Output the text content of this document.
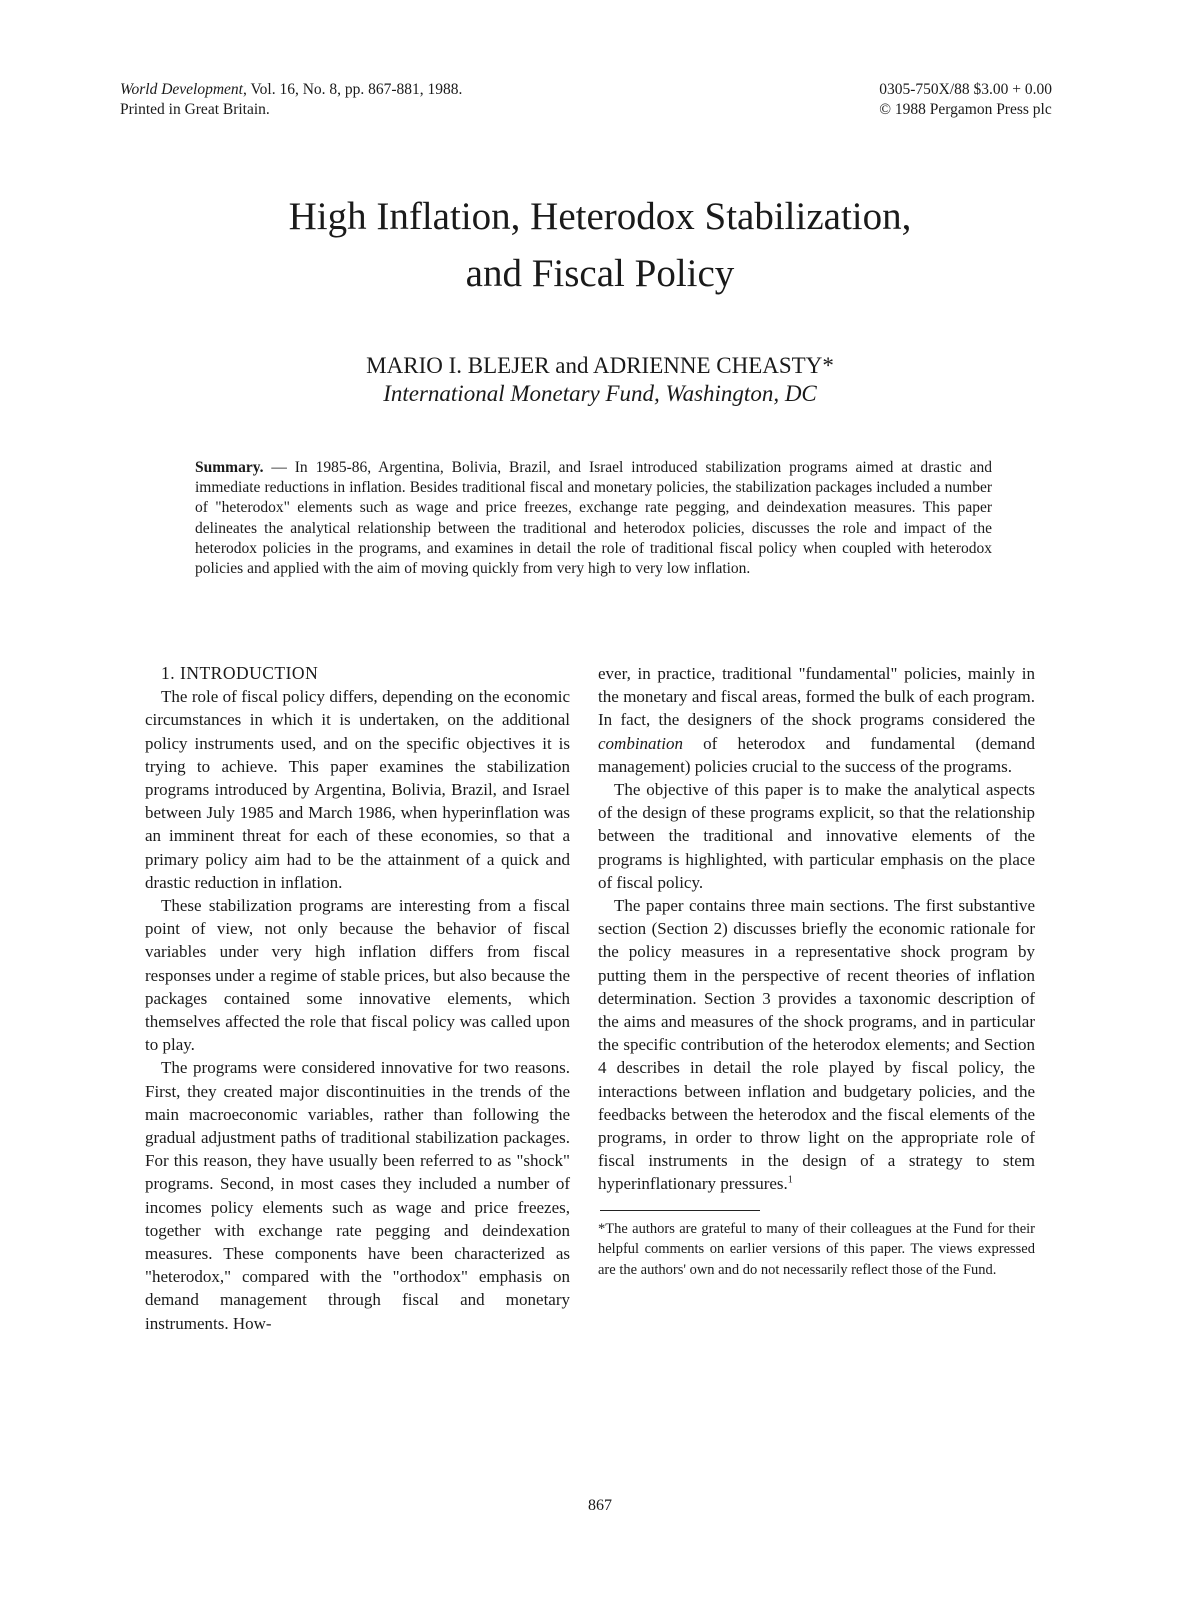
World Development, Vol. 16, No. 8, pp. 867-881, 1988.
Printed in Great Britain.
0305-750X/88 $3.00 + 0.00
© 1988 Pergamon Press plc
High Inflation, Heterodox Stabilization,
and Fiscal Policy
MARIO I. BLEJER and ADRIENNE CHEASTY*
International Monetary Fund, Washington, DC

Summary. — In 1985-86, Argentina, Bolivia, Brazil, and Israel introduced stabilization programs aimed at drastic and immediate reductions in inflation. Besides traditional fiscal and monetary policies, the stabilization packages included a number of "heterodox" elements such as wage and price freezes, exchange rate pegging, and deindexation measures. This paper delineates the analytical relationship between the traditional and heterodox policies, discusses the role and impact of the heterodox policies in the programs, and examines in detail the role of traditional fiscal policy when coupled with heterodox policies and applied with the aim of moving quickly from very high to very low inflation.

1. INTRODUCTION

The role of fiscal policy differs, depending on the economic circumstances in which it is undertaken, on the additional policy instruments used, and on the specific objectives it is trying to achieve. This paper examines the stabilization programs introduced by Argentina, Bolivia, Brazil, and Israel between July 1985 and March 1986, when hyperinflation was an imminent threat for each of these economies, so that a primary policy aim had to be the attainment of a quick and drastic reduction in inflation.

These stabilization programs are interesting from a fiscal point of view, not only because the behavior of fiscal variables under very high inflation differs from fiscal responses under a regime of stable prices, but also because the packages contained some innovative elements, which themselves affected the role that fiscal policy was called upon to play.

The programs were considered innovative for two reasons. First, they created major discontinuities in the trends of the main macroeconomic variables, rather than following the gradual adjustment paths of traditional stabilization packages. For this reason, they have usually been referred to as "shock" programs. Second, in most cases they included a number of incomes policy elements such as wage and price freezes, together with exchange rate pegging and deindexation measures. These components have been characterized as "heterodox," compared with the "orthodox" emphasis on demand management through fiscal and monetary instruments. How-

ever, in practice, traditional "fundamental" policies, mainly in the monetary and fiscal areas, formed the bulk of each program. In fact, the designers of the shock programs considered the combination of heterodox and fundamental (demand management) policies crucial to the success of the programs.

The objective of this paper is to make the analytical aspects of the design of these programs explicit, so that the relationship between the traditional and innovative elements of the programs is highlighted, with particular emphasis on the place of fiscal policy.

The paper contains three main sections. The first substantive section (Section 2) discusses briefly the economic rationale for the policy measures in a representative shock program by putting them in the perspective of recent theories of inflation determination. Section 3 provides a taxonomic description of the aims and measures of the shock programs, and in particular the specific contribution of the heterodox elements; and Section 4 describes in detail the role played by fiscal policy, the interactions between inflation and budgetary policies, and the feedbacks between the heterodox and the fiscal elements of the programs, in order to throw light on the appropriate role of fiscal instruments in the design of a strategy to stem hyperinflationary pressures.$^1$

*The authors are grateful to many of their colleagues at the Fund for their helpful comments on earlier versions of this paper. The views expressed are the authors' own and do not necessarily reflect those of the Fund.

867
